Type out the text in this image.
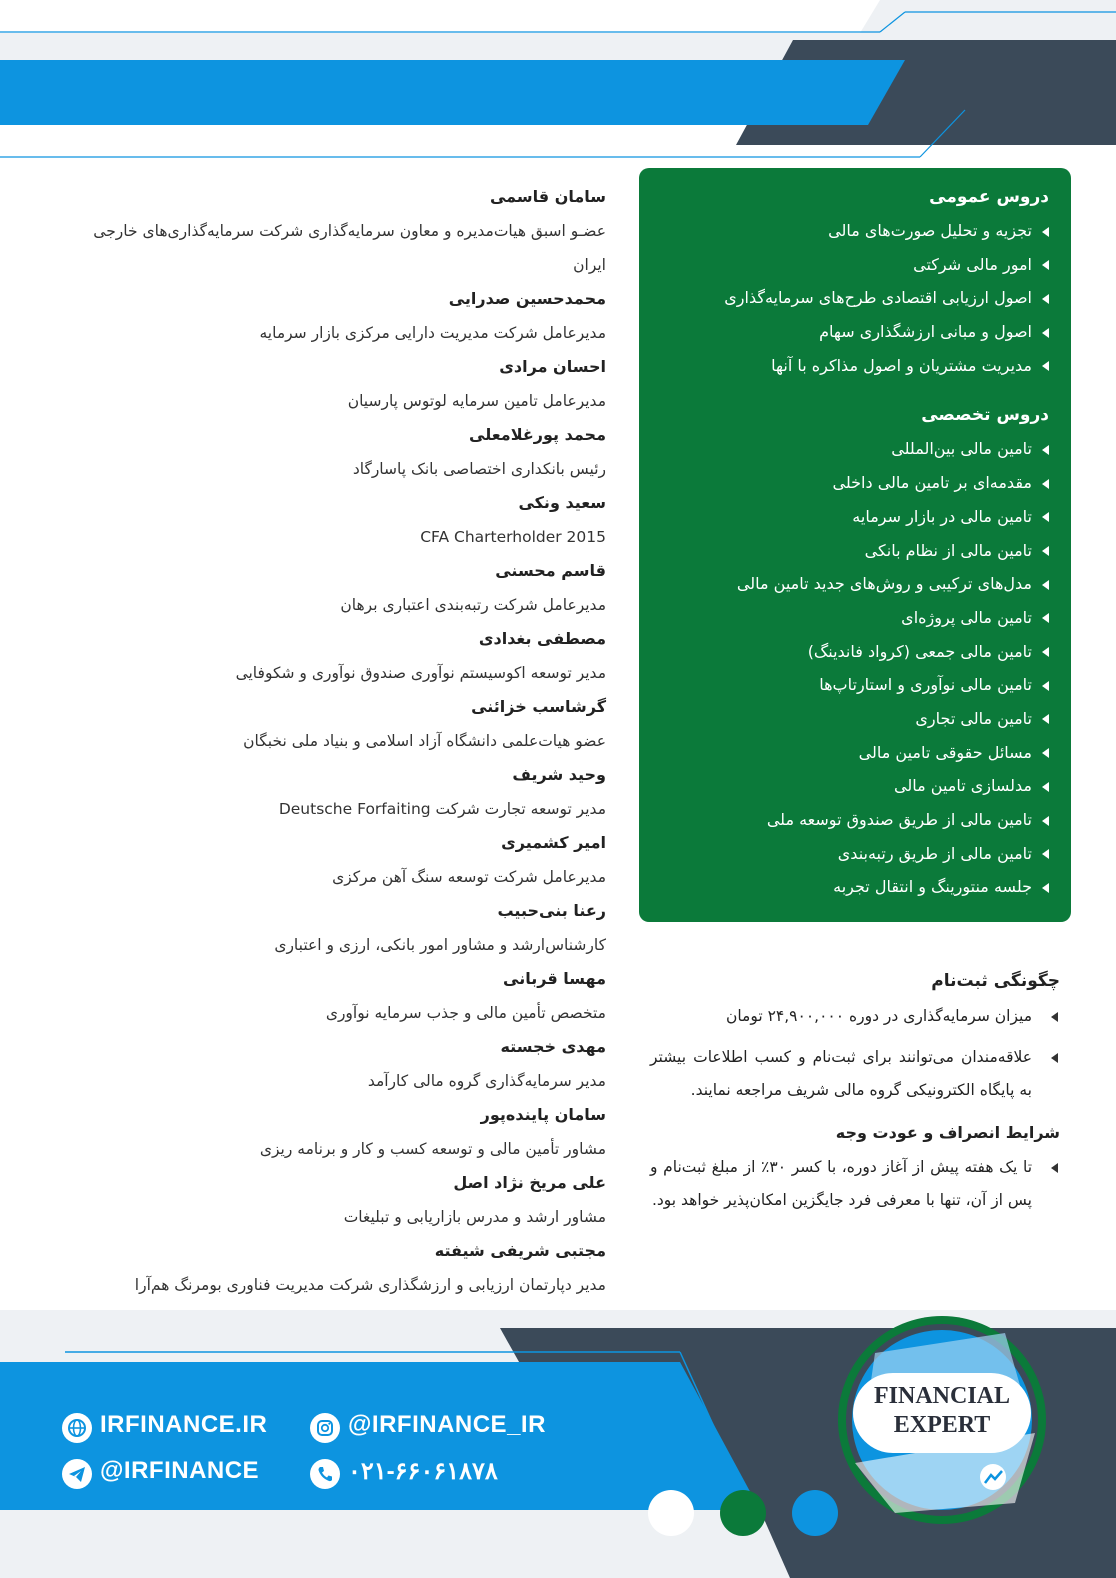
دروس عمومی
تجزیه و تحلیل صورت‌های مالی
امور مالی شرکتی
اصول ارزیابی اقتصادی طرح‌های سرمایه‌گذاری
اصول و مبانی ارزشگذاری سهام
مدیریت مشتریان و اصول مذاکره با آنها
دروس تخصصی
تامین مالی بین‌المللی
مقدمه‌ای بر تامین مالی داخلی
تامین مالی در بازار سرمایه
تامین مالی از نظام بانکی
مدل‌های ترکیبی و روش‌های جدید تامین مالی
تامین مالی پروژه‌ای
تامین مالی جمعی (کرواد فاندینگ)
تامین مالی نوآوری و استارتاپ‌ها
تامین مالی تجاری
مسائل حقوقی تامین مالی
مدلسازی تامین مالی
تامین مالی از طریق صندوق توسعه ملی
تامین مالی از طریق رتبه‌بندی
جلسه منتورینگ و انتقال تجربه
سامان قاسمی
عضـو اسبق هیات‌مدیره و معاون سرمایه‌گذاری شرکت سرمایه‌گذاری‌های خارجی ایران
محمدحسین صدرایی
مدیرعامل شرکت مدیریت دارایی مرکزی بازار سرمایه
احسان مرادی
مدیرعامل تامین سرمایه لوتوس پارسیان
محمد پورغلامعلی
رئیس بانکداری اختصاصی بانک پاسارگاد
سعید ونکی
CFA Charterholder 2015
قاسم محسنی
مدیرعامل شرکت رتبه‌بندی اعتباری برهان
مصطفی بغدادی
مدیر توسعه اکوسیستم نوآوری صندوق نوآوری و شکوفایی
گرشاسب خزائنی
عضو هیات‌علمی دانشگاه آزاد اسلامی و بنیاد ملی نخبگان
وحید شریف
مدیر توسعه تجارت شرکت Deutsche Forfaiting
امیر کشمیری
مدیرعامل شرکت توسعه سنگ آهن مرکزی
رعنا بنی‌حبیب
کارشناس‌ارشد و مشاور امور بانکی، ارزی و اعتباری
مهسا قربانی
متخصص تأمین مالی و جذب سرمایه نوآوری
مهدی خجسته
مدیر سرمایه‌گذاری گروه مالی کارآمد
سامان پاینده‌پور
مشاور تأمین مالی و توسعه کسب و کار و برنامه ریزی
علی مریخ نژاد اصل
مشاور ارشد و مدرس بازاریابی و تبلیغات
مجتبی شریفی شیفته
مدیر دپارتمان ارزیابی و ارزشگذاری شرکت مدیریت فناوری بومرنگ هم‌آرا
چگونگی ثبت‌نام
میزان سرمایه‌گذاری در دوره ۲۴,۹۰۰,۰۰۰ تومان
علاقه‌مندان می‌توانند برای ثبت‌نام و کسب اطلاعات بیشتر به پایگاه الکترونیکی گروه مالی شریف مراجعه نمایند.
شرایط انصراف و عودت وجه
تا یک هفته پیش از آغاز دوره، با کسر ۳۰٪ از مبلغ ثبت‌نام و پس از آن، تنها با معرفی فرد جایگزین امکان‌پذیر خواهد بود.
IRFINANCE.IR	@IRFINANCE_IR
@IRFINANCE	۰۲۱-۶۶۰۶۱۸۷۸
FINANCIAL
EXPERT
